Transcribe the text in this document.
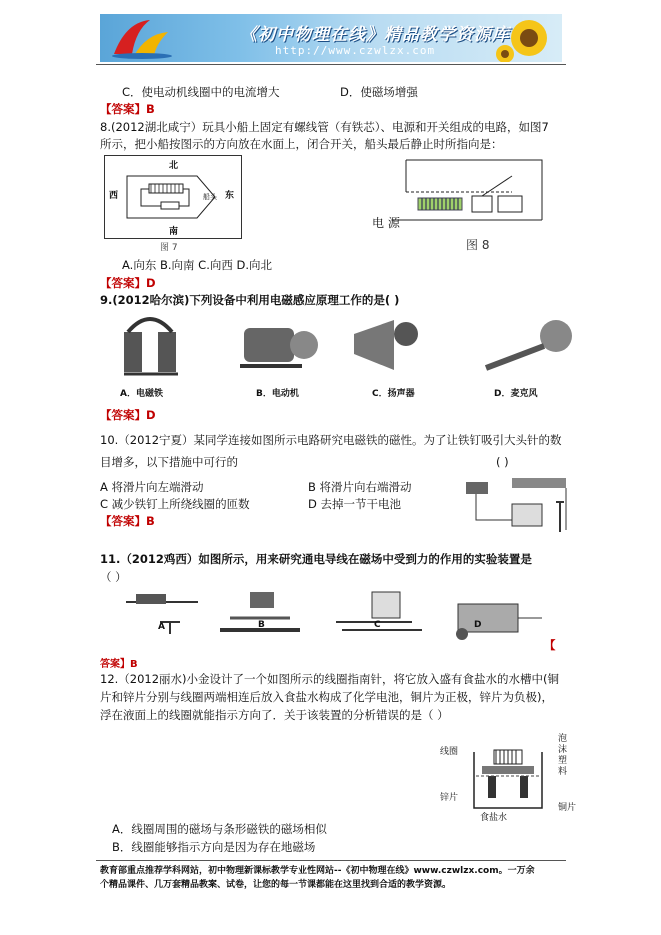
《初中物理在线》精品教学资源库
http://www.czwlzx.com
C．使电动机线圈中的电流增大	D．使磁场增强
【答案】B
8.(2012湖北咸宁）玩具小船上固定有螺线管（有铁芯）、电源和开关组成的电路，如图7
所示，把小船按图示的方向放在水面上，闭合开关，船头最后静止时所指向是：
北
南
西	东
船头
图 7
电 源
图 8
A.向东 B.向南 C.向西 D.向北
【答案】D
9.(2012哈尔滨)下列设备中利用电磁感应原理工作的是( )
A．电磁铁	B．电动机	C．扬声器	D．麦克风
【答案】D
10.（2012宁夏）某同学连接如图所示电路研究电磁铁的磁性。为了让铁钉吸引大头针的数
目增多，以下措施中可行的	( )
A 将滑片向左端滑动	B 将滑片向右端滑动
C 减少铁钉上所绕线圈的匝数	D 去掉一节干电池
【答案】B
11.（2012鸡西）如图所示，用来研究通电导线在磁场中受到力的作用的实验装置是
（ ）
A	B	C	D
【
答案】B
12.（2012丽水)小金设计了一个如图所示的线圈指南针，将它放入盛有食盐水的水槽中(铜
片和锌片分别与线圈两端相连后放入食盐水构成了化学电池，铜片为正极，锌片为负极)，
浮在液面上的线圈就能指示方向了．关于该装置的分析错误的是（ ）
线圈
泡
沫
塑
料
锌片
铜片
食盐水
A．线圈周围的磁场与条形磁铁的磁场相似
B．线圈能够指示方向是因为存在地磁场
教育部重点推荐学科网站，初中物理新课标教学专业性网站--《初中物理在线》www.czwlzx.com。一万余
个精品课件、几万套精品教案、试卷，让您的每一节课都能在这里找到合适的教学资源。
